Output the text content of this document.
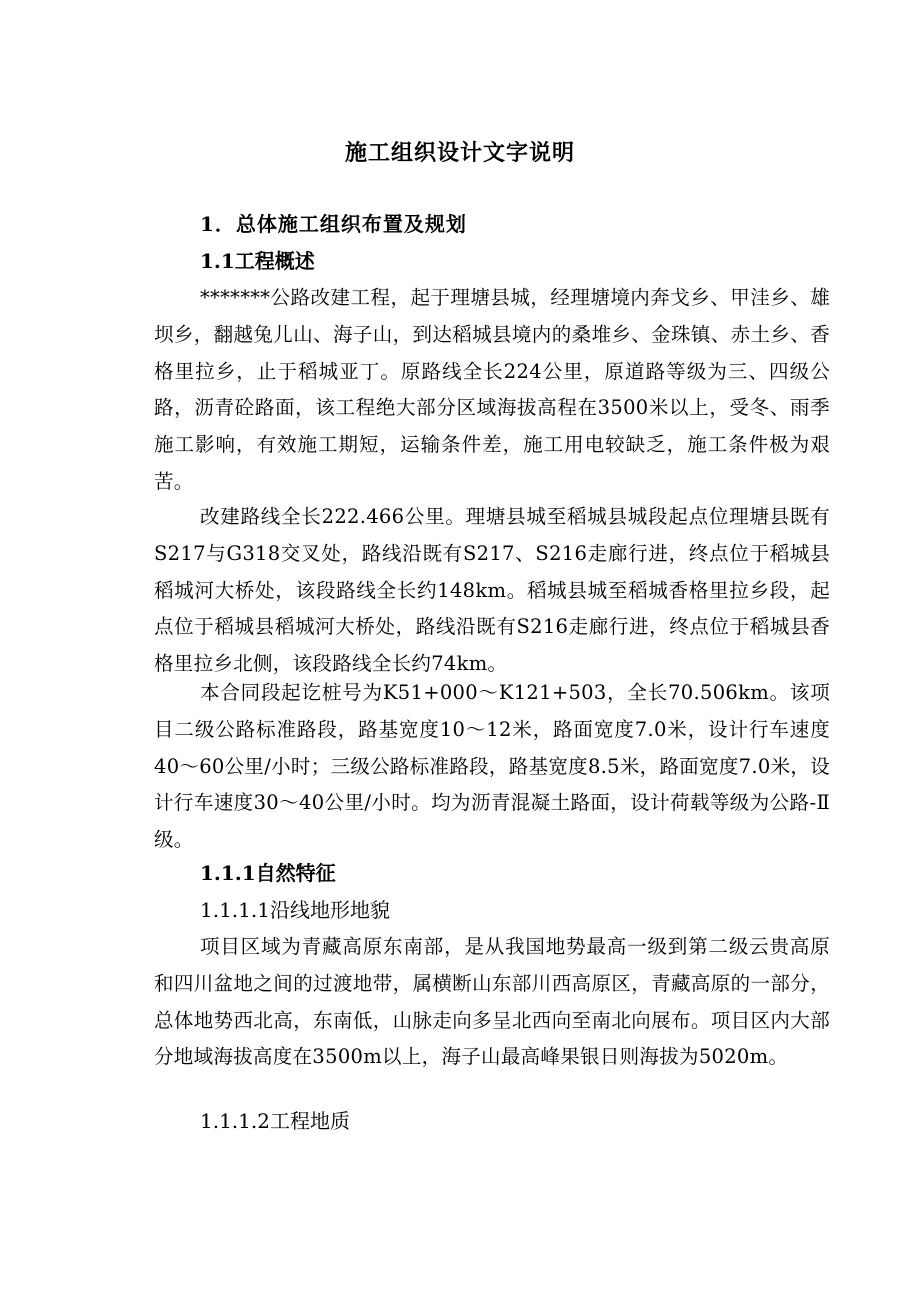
施工组织设计文字说明
1．总体施工组织布置及规划
1.1工程概述

*******公路改建工程，起于理塘县城，经理塘境内奔戈乡、甲洼乡、雄坝乡，翻越兔儿山、海子山，到达稻城县境内的桑堆乡、金珠镇、赤土乡、香格里拉乡，止于稻城亚丁。原路线全长224公里，原道路等级为三、四级公路，沥青砼路面，该工程绝大部分区域海拔高程在3500米以上，受冬、雨季施工影响，有效施工期短，运输条件差，施工用电较缺乏，施工条件极为艰苦。

改建路线全长222.466公里。理塘县城至稻城县城段起点位理塘县既有S217与G318交叉处，路线沿既有S217、S216走廊行进，终点位于稻城县稻城河大桥处，该段路线全长约148km。稻城县城至稻城香格里拉乡段，起点位于稻城县稻城河大桥处，路线沿既有S216走廊行进，终点位于稻城县香格里拉乡北侧，该段路线全长约74km。

本合同段起讫桩号为K51+000～K121+503，全长70.506km。该项目二级公路标准路段，路基宽度10～12米，路面宽度7.0米，设计行车速度40～60公里/小时；三级公路标准路段，路基宽度8.5米，路面宽度7.0米，设计行车速度30～40公里/小时。均为沥青混凝土路面，设计荷载等级为公路-Ⅱ级。

1.1.1自然特征
1.1.1.1沿线地形地貌

项目区域为青藏高原东南部，是从我国地势最高一级到第二级云贵高原和四川盆地之间的过渡地带，属横断山东部川西高原区，青藏高原的一部分，总体地势西北高，东南低，山脉走向多呈北西向至南北向展布。项目区内大部分地域海拔高度在3500m以上，海子山最高峰果银日则海拔为5020m。

1.1.1.2工程地质
